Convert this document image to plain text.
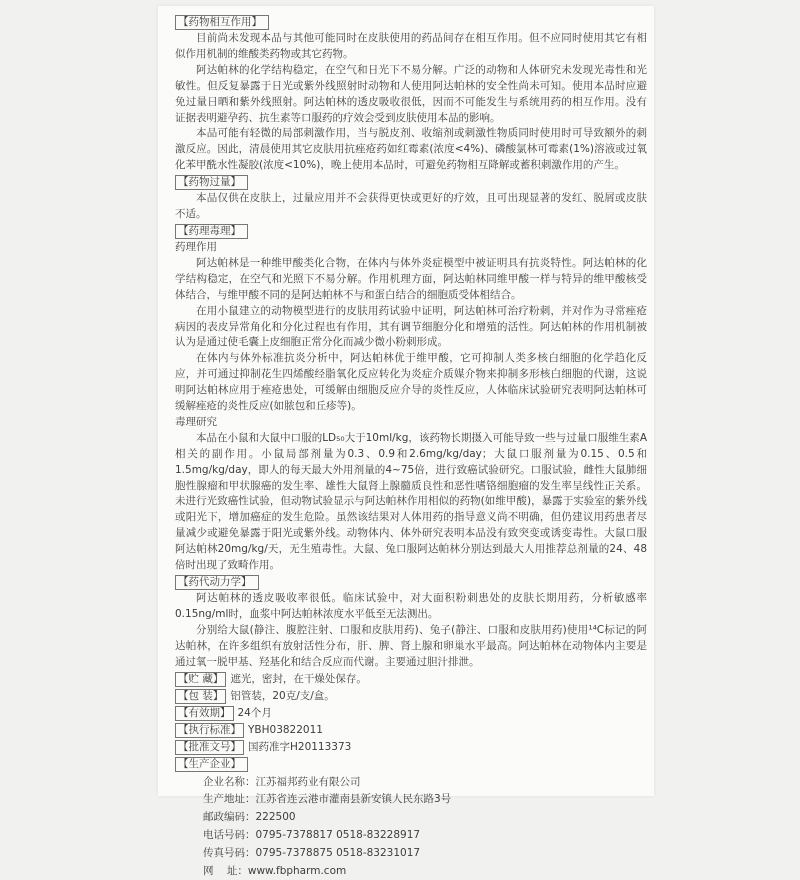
【药物相互作用】

目前尚未发现本品与其他可能同时在皮肤使用的药品间存在相互作用。但不应同时使用其它有相似作用机制的维酸类药物或其它药物。

阿达帕林的化学结构稳定，在空气和日光下不易分解。广泛的动物和人体研究未发现光毒性和光敏性。但反复暴露于日光或紫外线照射时动物和人使用阿达帕林的安全性尚未可知。使用本品时应避免过量日晒和紫外线照射。阿达帕林的透皮吸收很低，因而不可能发生与系统用药的相互作用。没有证据表明避孕药、抗生素等口服药的疗效会受到皮肤使用本品的影响。

本品可能有轻微的局部刺激作用，当与脱皮剂、收缩剂或刺激性物质同时使用时可导致额外的刺激反应。因此，清晨使用其它皮肤用抗痤疮药如红霉素(浓度<4%)、磷酸氯林可霉素(1%)溶液或过氧化苯甲酰水性凝胶(浓度<10%)，晚上使用本品时，可避免药物相互降解或蓄积刺激作用的产生。

【药物过量】

本品仅供在皮肤上，过量应用并不会获得更快或更好的疗效，且可出现显著的发红、脱屑或皮肤不适。

【药理毒理】
药理作用

阿达帕林是一种维甲酸类化合物，在体内与体外炎症模型中被证明具有抗炎特性。阿达帕林的化学结构稳定，在空气和光照下不易分解。作用机理方面，阿达帕林同维甲酸一样与特异的维甲酸核受体结合，与维甲酸不同的是阿达帕林不与和蛋白结合的细胞质受体相结合。

在用小鼠建立的动物模型进行的皮肤用药试验中证明，阿达帕林可治疗粉刺，并对作为寻常痤疮病因的表皮异常角化和分化过程也有作用，其有调节细胞分化和增殖的活性。阿达帕林的作用机制被认为是通过使毛囊上皮细胞正常分化而减少微小粉刺形成。

在体内与体外标准抗炎分析中，阿达帕林优于维甲酸，它可抑制人类多核白细胞的化学趋化反应，并可通过抑制花生四烯酸经脂氧化反应转化为炎症介质媒介物来抑制多形核白细胞的代谢，这说明阿达帕林应用于痤疮患处，可缓解由细胞反应介导的炎性反应，人体临床试验研究表明阿达帕林可缓解痤疮的炎性反应(如脓包和丘疹等)。

毒理研究

本品在小鼠和大鼠中口服的LD₅₀大于10ml/kg，该药物长期摄入可能导致一些与过量口服维生素A相关的副作用。小鼠局部剂量为0.3、0.9和2.6mg/kg/day；大鼠口服剂量为0.15、0.5和1.5mg/kg/day，即人的每天最大外用剂量的4~75倍，进行致癌试验研究。口服试验，雌性大鼠肺细胞性腺瘤和甲状腺癌的发生率、雄性大鼠肾上腺髓质良性和恶性嗜铬细胞瘤的发生率呈线性正关系。未进行光致癌性试验，但动物试验显示与阿达帕林作用相似的药物(如维甲酸)，暴露于实验室的紫外线或阳光下，增加癌症的发生危险。虽然该结果对人体用药的指导意义尚不明确，但仍建议用药患者尽量减少或避免暴露于阳光或紫外线。动物体内、体外研究表明本品没有致突变或诱变毒性。大鼠口服阿达帕林20mg/kg/天，无生殖毒性。大鼠、兔口服阿达帕林分别达到最大人用推荐总剂量的24、48倍时出现了致畸作用。

【药代动力学】

阿达帕林的透皮吸收率很低。临床试验中，对大面积粉刺患处的皮肤长期用药，分析敏感率0.15ng/ml时，血浆中阿达帕林浓度水平低至无法测出。

分别给大鼠(静注、腹腔注射、口服和皮肤用药)、兔子(静注、口服和皮肤用药)使用¹⁴C标记的阿达帕林，在许多组织有放射活性分布，肝、脾、肾上腺和卵巢水平最高。阿达帕林在动物体内主要是通过氧一脱甲基、羟基化和结合反应而代谢。主要通过胆汁排泄。

【贮 藏】 遮光，密封，在干燥处保存。
【包 装】 铝管装，20克/支/盒。
【有效期】 24个月
【执行标准】 YBH03822011
【批准文号】 国药准字H20113373
【生产企业】
企业名称：江苏福邦药业有限公司
生产地址：江苏省连云港市灌南县新安镇人民东路3号
邮政编码：222500
电话号码：0795-7378817 0518-83228917
传真号码：0795-7378875 0518-83231017
网    址：www.fbpharm.com
